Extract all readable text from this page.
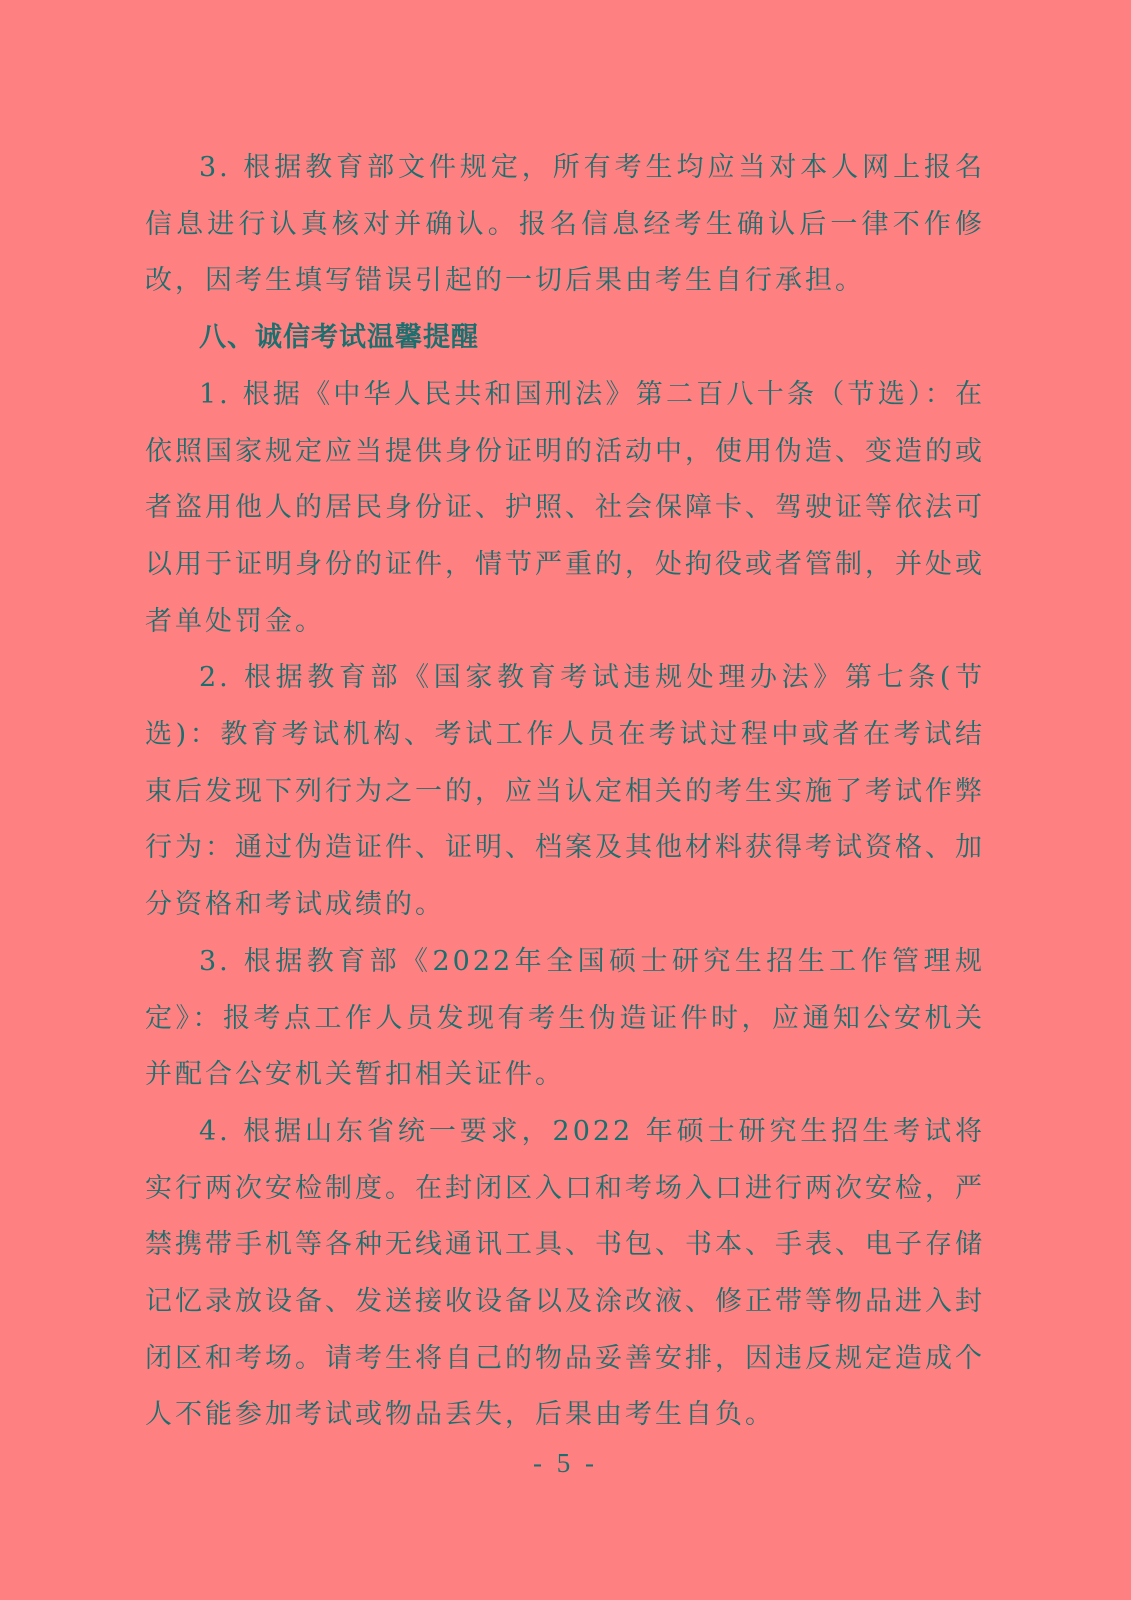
3. 根据教育部文件规定，所有考生均应当对本人网上报名信息进行认真核对并确认。报名信息经考生确认后一律不作修改，因考生填写错误引起的一切后果由考生自行承担。

八、诚信考试温馨提醒

1. 根据《中华人民共和国刑法》第二百八十条（节选）：在依照国家规定应当提供身份证明的活动中，使用伪造、变造的或者盗用他人的居民身份证、护照、社会保障卡、驾驶证等依法可以用于证明身份的证件，情节严重的，处拘役或者管制，并处或者单处罚金。

2. 根据教育部《国家教育考试违规处理办法》第七条(节选)：教育考试机构、考试工作人员在考试过程中或者在考试结束后发现下列行为之一的，应当认定相关的考生实施了考试作弊行为：通过伪造证件、证明、档案及其他材料获得考试资格、加分资格和考试成绩的。

3. 根据教育部《2022年全国硕士研究生招生工作管理规定》：报考点工作人员发现有考生伪造证件时，应通知公安机关并配合公安机关暂扣相关证件。

4. 根据山东省统一要求，2022 年硕士研究生招生考试将实行两次安检制度。在封闭区入口和考场入口进行两次安检，严禁携带手机等各种无线通讯工具、书包、书本、手表、电子存储记忆录放设备、发送接收设备以及涂改液、修正带等物品进入封闭区和考场。请考生将自己的物品妥善安排，因违反规定造成个人不能参加考试或物品丢失，后果由考生自负。

- 5 -
